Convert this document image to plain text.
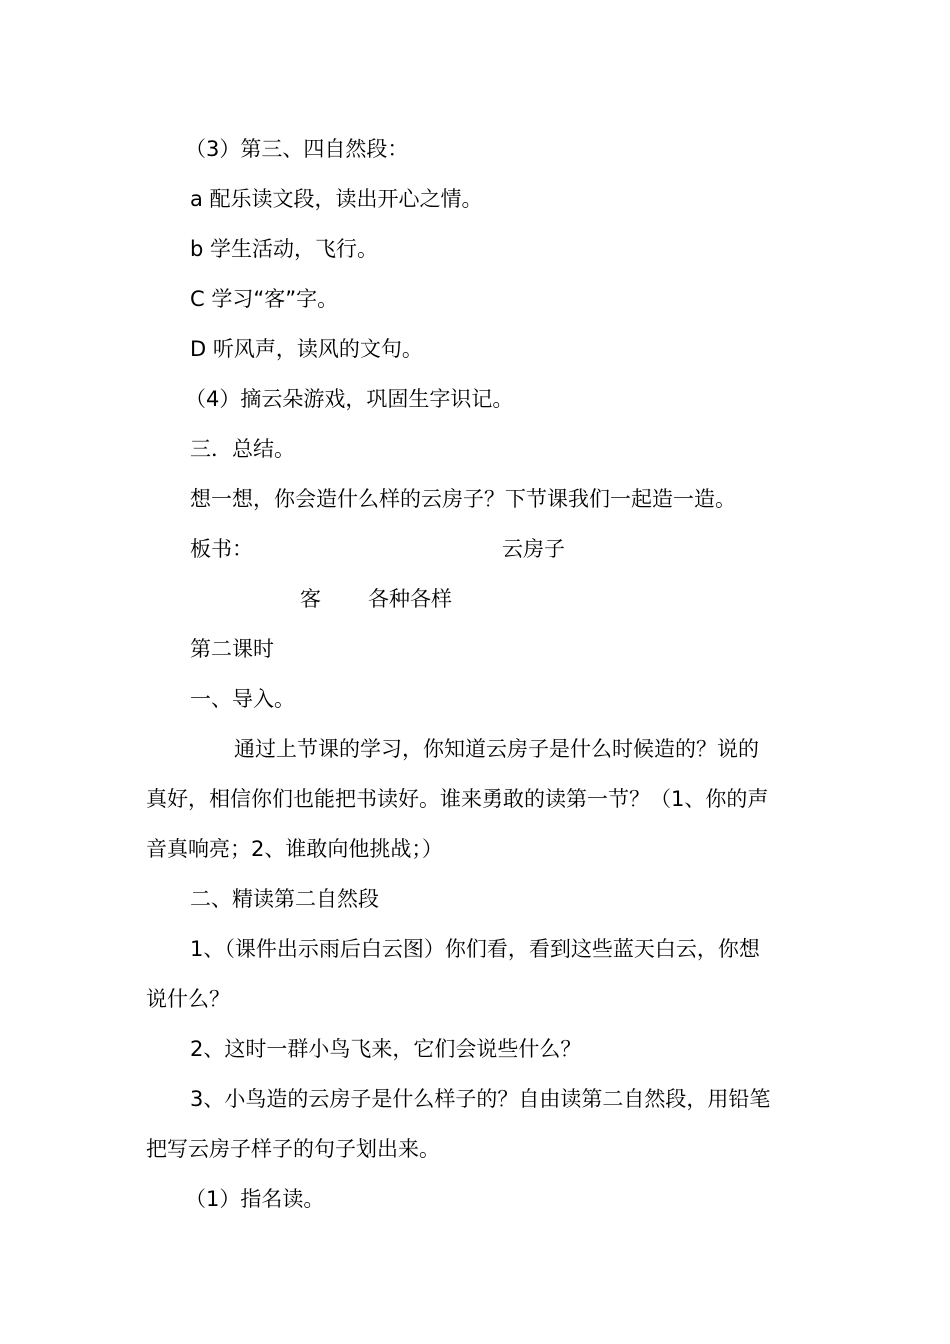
（3）第三、四自然段：
a 配乐读文段，读出开心之情。
b 学生活动，飞行。
C 学习“客”字。
D 听风声，读风的文句。
（4）摘云朵游戏，巩固生字识记。
三．总结。
想一想，你会造什么样的云房子？下节课我们一起造一造。
板书：	云房子
客 各种各样
第二课时
一、导入。
通过上节课的学习，你知道云房子是什么时候造的？说的
真好，相信你们也能把书读好。谁来勇敢的读第一节？（1、你的声
音真响亮；2、谁敢向他挑战；）
二、精读第二自然段
1、（课件出示雨后白云图）你们看，看到这些蓝天白云，你想
说什么？
2、这时一群小鸟飞来，它们会说些什么？
3、小鸟造的云房子是什么样子的？自由读第二自然段，用铅笔
把写云房子样子的句子划出来。
（1）指名读。
